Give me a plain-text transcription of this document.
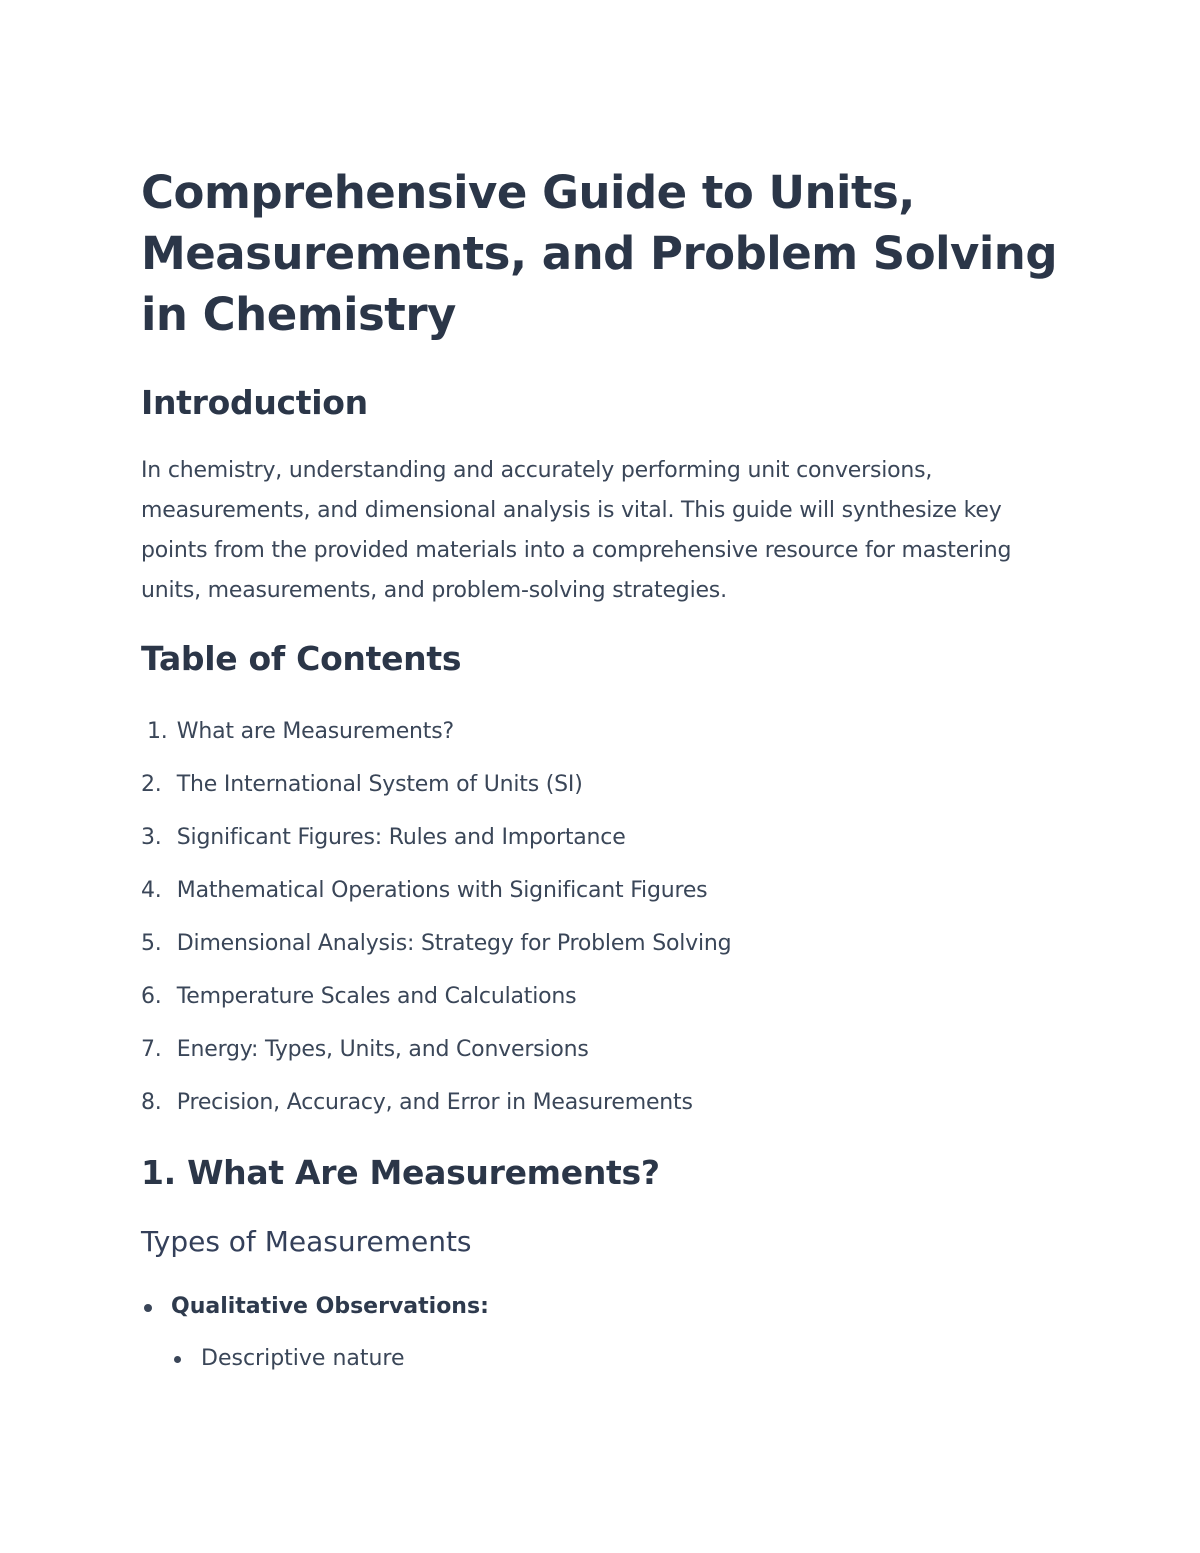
Comprehensive Guide to Units, Measurements, and Problem Solving in Chemistry
Introduction

In chemistry, understanding and accurately performing unit conversions, measurements, and dimensional analysis is vital. This guide will synthesize key points from the provided materials into a comprehensive resource for mastering units, measurements, and problem-solving strategies.

Table of Contents
1. What are Measurements?
2. The International System of Units (SI)
3. Significant Figures: Rules and Importance
4. Mathematical Operations with Significant Figures
5. Dimensional Analysis: Strategy for Problem Solving
6. Temperature Scales and Calculations
7. Energy: Types, Units, and Conversions
8. Precision, Accuracy, and Error in Measurements
1. What Are Measurements?
Types of Measurements
Qualitative Observations:
Descriptive nature
